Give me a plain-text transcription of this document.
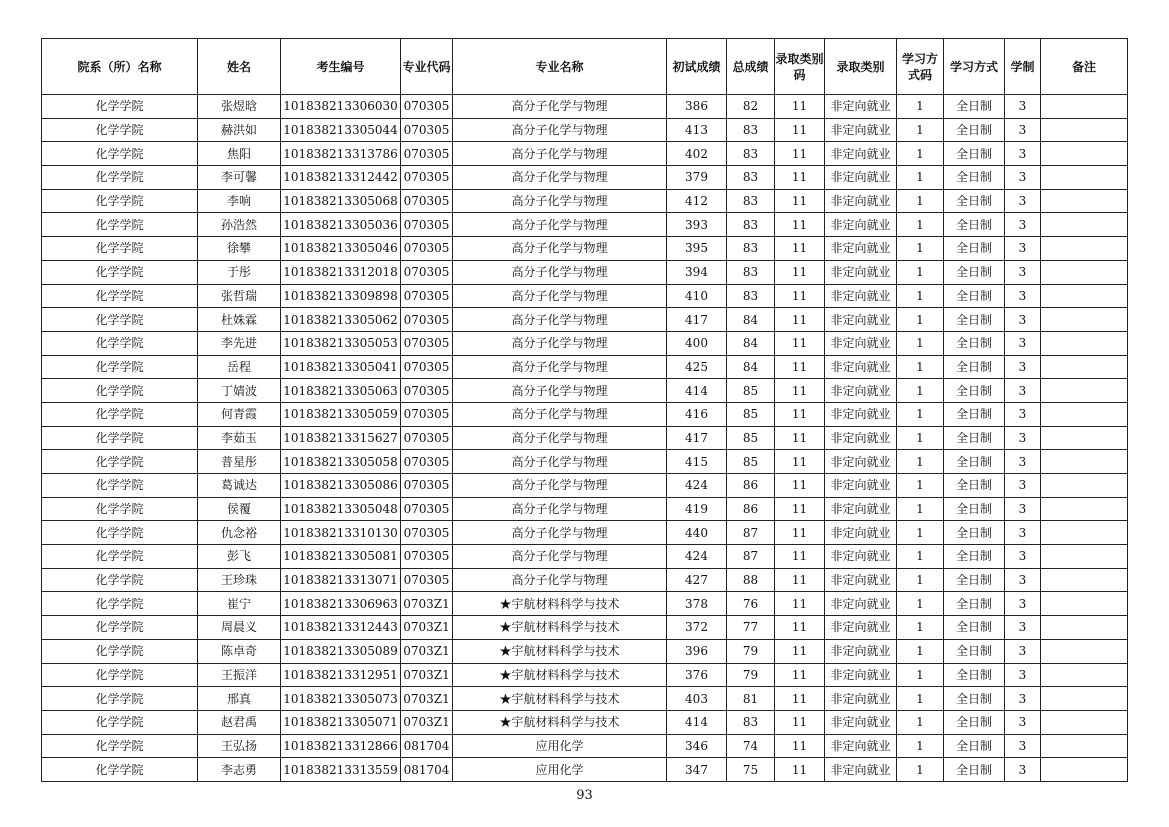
院系（所）名称	姓名	考生编号	专业代码	专业名称	初试成绩	总成绩	录取类别码	录取类别	学习方式码	学习方式	学制	备注
化学学院	张煜晗	101838213306030	070305	高分子化学与物理	386	82	11	非定向就业	1	全日制	3	
化学学院	赫洪如	101838213305044	070305	高分子化学与物理	413	83	11	非定向就业	1	全日制	3	
化学学院	焦阳	101838213313786	070305	高分子化学与物理	402	83	11	非定向就业	1	全日制	3	
化学学院	李可馨	101838213312442	070305	高分子化学与物理	379	83	11	非定向就业	1	全日制	3	
化学学院	李响	101838213305068	070305	高分子化学与物理	412	83	11	非定向就业	1	全日制	3	
化学学院	孙浩然	101838213305036	070305	高分子化学与物理	393	83	11	非定向就业	1	全日制	3	
化学学院	徐攀	101838213305046	070305	高分子化学与物理	395	83	11	非定向就业	1	全日制	3	
化学学院	于彤	101838213312018	070305	高分子化学与物理	394	83	11	非定向就业	1	全日制	3	
化学学院	张哲瑞	101838213309898	070305	高分子化学与物理	410	83	11	非定向就业	1	全日制	3	
化学学院	杜姝霖	101838213305062	070305	高分子化学与物理	417	84	11	非定向就业	1	全日制	3	
化学学院	李先进	101838213305053	070305	高分子化学与物理	400	84	11	非定向就业	1	全日制	3	
化学学院	岳程	101838213305041	070305	高分子化学与物理	425	84	11	非定向就业	1	全日制	3	
化学学院	丁婧波	101838213305063	070305	高分子化学与物理	414	85	11	非定向就业	1	全日制	3	
化学学院	何青霞	101838213305059	070305	高分子化学与物理	416	85	11	非定向就业	1	全日制	3	
化学学院	李茹玉	101838213315627	070305	高分子化学与物理	417	85	11	非定向就业	1	全日制	3	
化学学院	普星彤	101838213305058	070305	高分子化学与物理	415	85	11	非定向就业	1	全日制	3	
化学学院	葛诚达	101838213305086	070305	高分子化学与物理	424	86	11	非定向就业	1	全日制	3	
化学学院	侯覆	101838213305048	070305	高分子化学与物理	419	86	11	非定向就业	1	全日制	3	
化学学院	仇念裕	101838213310130	070305	高分子化学与物理	440	87	11	非定向就业	1	全日制	3	
化学学院	彭飞	101838213305081	070305	高分子化学与物理	424	87	11	非定向就业	1	全日制	3	
化学学院	王珍珠	101838213313071	070305	高分子化学与物理	427	88	11	非定向就业	1	全日制	3	
化学学院	崔宁	101838213306963	0703Z1	★宇航材料科学与技术	378	76	11	非定向就业	1	全日制	3	
化学学院	周晨义	101838213312443	0703Z1	★宇航材料科学与技术	372	77	11	非定向就业	1	全日制	3	
化学学院	陈卓奇	101838213305089	0703Z1	★宇航材料科学与技术	396	79	11	非定向就业	1	全日制	3	
化学学院	王振洋	101838213312951	0703Z1	★宇航材料科学与技术	376	79	11	非定向就业	1	全日制	3	
化学学院	邢真	101838213305073	0703Z1	★宇航材料科学与技术	403	81	11	非定向就业	1	全日制	3	
化学学院	赵君禹	101838213305071	0703Z1	★宇航材料科学与技术	414	83	11	非定向就业	1	全日制	3	
化学学院	王弘扬	101838213312866	081704	应用化学	346	74	11	非定向就业	1	全日制	3	
化学学院	李志勇	101838213313559	081704	应用化学	347	75	11	非定向就业	1	全日制	3	
93
